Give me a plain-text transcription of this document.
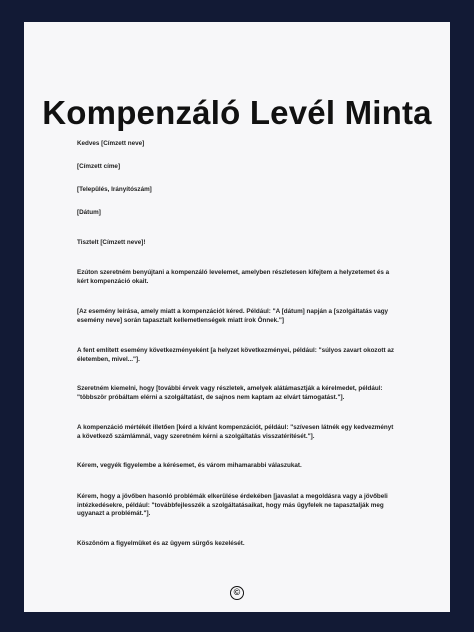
Kompenzáló Levél Minta
Kedves [Címzett neve]
[Címzett címe]
[Település, Irányítószám]
[Dátum]
Tisztelt [Címzett neve]!
Ezúton szeretném benyújtani a kompenzáló levelemet, amelyben részletesen kifejtem a helyzetemet és a kért kompenzáció okait.
[Az esemény leírása, amely miatt a kompenzációt kéred. Például: "A [dátum] napján a [szolgáltatás vagy esemény neve] során tapasztalt kellemetlenségek miatt írok Önnek."]
A fent említett esemény következményeként [a helyzet következményei, például: "súlyos zavart okozott az életemben, mivel..."].
Szeretném kiemelni, hogy [további érvek vagy részletek, amelyek alátámasztják a kérelmedet, például: "többször próbáltam elérni a szolgáltatást, de sajnos nem kaptam az elvárt támogatást."].
A kompenzáció mértékét illetően [kérd a kívánt kompenzációt, például: "szívesen látnék egy kedvezményt a következő számlámnál, vagy szeretném kérni a szolgáltatás visszatérítését."].
Kérem, vegyék figyelembe a kérésemet, és várom mihamarabbi válaszukat.
Kérem, hogy a jövőben hasonló problémák elkerülése érdekében [javaslat a megoldásra vagy a jövőbeli intézkedésekre, például: "továbbfejlesszék a szolgáltatásaikat, hogy más ügyfelek ne tapasztalják meg ugyanazt a problémát."].
Köszönöm a figyelmüket és az ügyem sürgős kezelését.
©
